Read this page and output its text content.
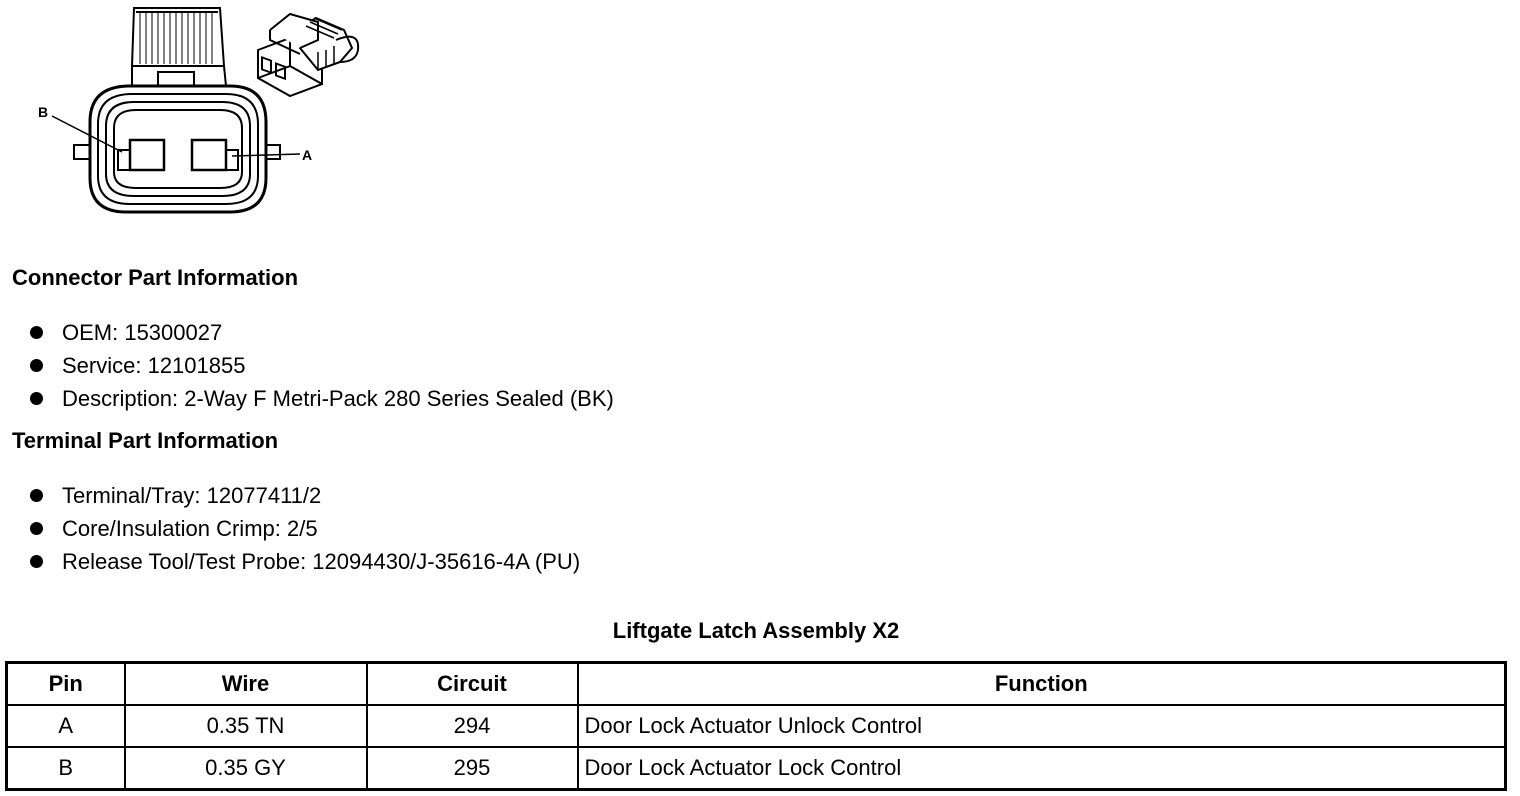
B
A
Connector Part Information
OEM: 15300027
Service: 12101855
Description: 2-Way F Metri-Pack 280 Series Sealed (BK)
Terminal Part Information
Terminal/Tray: 12077411/2
Core/Insulation Crimp: 2/5
Release Tool/Test Probe: 12094430/J-35616-4A (PU)
Liftgate Latch Assembly X2
Pin	Wire	Circuit	Function
A	0.35 TN	294	Door Lock Actuator Unlock Control
B	0.35 GY	295	Door Lock Actuator Lock Control
